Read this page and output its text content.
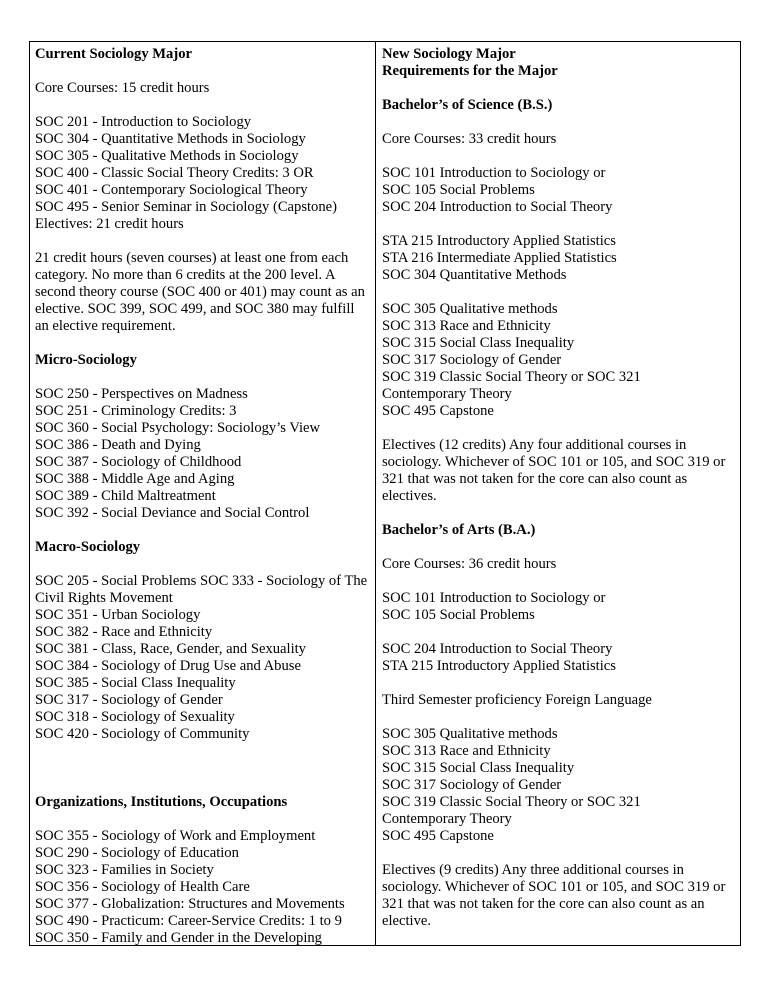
Current Sociology Major
Core Courses: 15 credit hours
SOC 201 - Introduction to Sociology
SOC 304 - Quantitative Methods in Sociology
SOC 305 - Qualitative Methods in Sociology
SOC 400 - Classic Social Theory Credits: 3 OR
SOC 401 - Contemporary Sociological Theory
SOC 495 - Senior Seminar in Sociology (Capstone)
Electives: 21 credit hours
21 credit hours (seven courses) at least one from each category. No more than 6 credits at the 200 level. A second theory course (SOC 400 or 401) may count as an elective. SOC 399, SOC 499, and SOC 380 may fulfill an elective requirement.
Micro-Sociology
SOC 250 - Perspectives on Madness
SOC 251 - Criminology Credits: 3
SOC 360 - Social Psychology: Sociology’s View
SOC 386 - Death and Dying
SOC 387 - Sociology of Childhood
SOC 388 - Middle Age and Aging
SOC 389 - Child Maltreatment
SOC 392 - Social Deviance and Social Control
Macro-Sociology
SOC 205 - Social Problems SOC 333 - Sociology of The Civil Rights Movement
SOC 351 - Urban Sociology
SOC 382 - Race and Ethnicity
SOC 381 - Class, Race, Gender, and Sexuality
SOC 384 - Sociology of Drug Use and Abuse
SOC 385 - Social Class Inequality
SOC 317 - Sociology of Gender
SOC 318 - Sociology of Sexuality
SOC 420 - Sociology of Community
Organizations, Institutions, Occupations
SOC 355 - Sociology of Work and Employment
SOC 290 - Sociology of Education
SOC 323 - Families in Society
SOC 356 - Sociology of Health Care
SOC 377 - Globalization: Structures and Movements
SOC 490 - Practicum: Career-Service Credits: 1 to 9
SOC 350 - Family and Gender in the Developing
New Sociology Major
Requirements for the Major
Bachelor’s of Science (B.S.)
Core Courses: 33 credit hours
SOC 101 Introduction to Sociology or
SOC 105 Social Problems
SOC 204 Introduction to Social Theory
STA 215 Introductory Applied Statistics
STA 216 Intermediate Applied Statistics
SOC 304 Quantitative Methods
SOC 305 Qualitative methods
SOC 313 Race and Ethnicity
SOC 315 Social Class Inequality
SOC 317 Sociology of Gender
SOC 319 Classic Social Theory or SOC 321
Contemporary Theory
SOC 495 Capstone
Electives (12 credits) Any four additional courses in sociology. Whichever of SOC 101 or 105, and SOC 319 or 321 that was not taken for the core can also count as electives.
Bachelor’s of Arts (B.A.)
Core Courses: 36 credit hours
SOC 101 Introduction to Sociology or
SOC 105 Social Problems
SOC 204 Introduction to Social Theory
STA 215 Introductory Applied Statistics
Third Semester proficiency Foreign Language
SOC 305 Qualitative methods
SOC 313 Race and Ethnicity
SOC 315 Social Class Inequality
SOC 317 Sociology of Gender
SOC 319 Classic Social Theory or SOC 321
Contemporary Theory
SOC 495 Capstone
Electives (9 credits) Any three additional courses in sociology. Whichever of SOC 101 or 105, and SOC 319 or 321 that was not taken for the core can also count as an elective.
